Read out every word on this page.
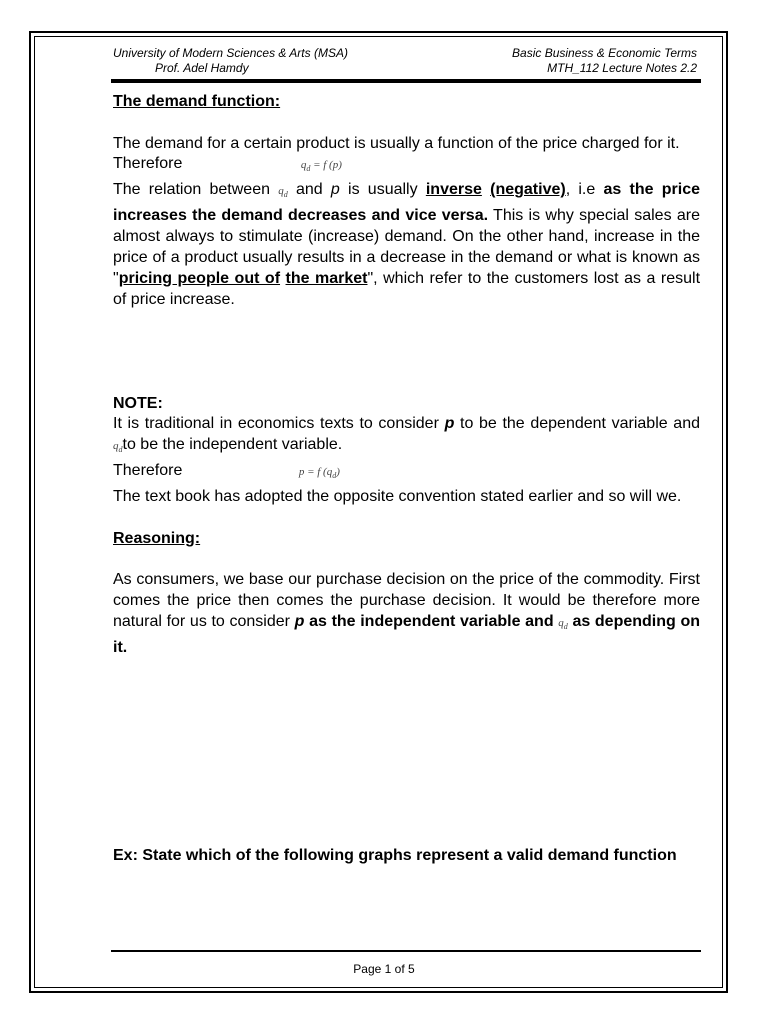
University of Modern Sciences & Arts (MSA)
Prof. Adel Hamdy
Basic Business & Economic Terms
MTH_112 Lecture Notes 2.2

The demand function:

The demand for a certain product is usually a function of the price charged for it.

Therefore	$q_d = f$ (p)

The relation between $q_d$ and p is usually inverse (negative), i.e as the price increases the demand decreases and vice versa. This is why special sales are almost always to stimulate (increase) demand. On the other hand, increase in the price of a product usually results in a decrease in the demand or what is known as "pricing people out of the market", which refer to the customers lost as a result of price increase.

NOTE:

It is traditional in economics texts to consider p to be the dependent variable and $q_dto$ be the independent variable.

Therefore	p = f $(q_d)$

The text book has adopted the opposite convention stated earlier and so will we.

Reasoning:

As consumers, we base our purchase decision on the price of the commodity. First comes the price then comes the purchase decision. It would be therefore more natural for us to consider p as the independent variable and $q_d$ as depending on it.

Ex: State which of the following graphs represent a valid demand function

Page 1 of 5
